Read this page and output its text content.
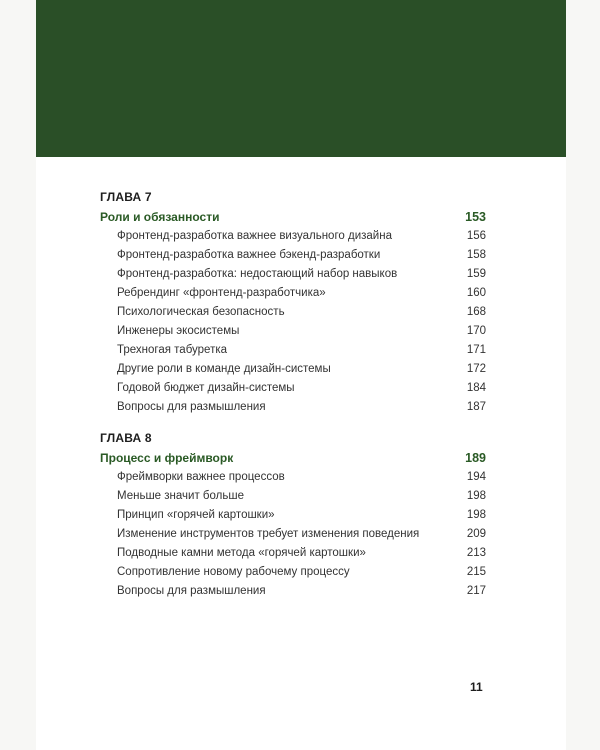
ГЛАВА 7
Роли и обязанности	153
Фронтенд-разработка важнее визуального дизайна	156
Фронтенд-разработка важнее бэкенд-разработки	158
Фронтенд-разработка: недостающий набор навыков	159
Ребрендинг «фронтенд-разработчика»	160
Психологическая безопасность	168
Инженеры экосистемы	170
Трехногая табуретка	171
Другие роли в команде дизайн-системы	172
Годовой бюджет дизайн-системы	184
Вопросы для размышления	187
ГЛАВА 8
Процесс и фреймворк	189
Фреймворки важнее процессов	194
Меньше значит больше	198
Принцип «горячей картошки»	198
Изменение инструментов требует изменения поведения	209
Подводные камни метода «горячей картошки»	213
Сопротивление новому рабочему процессу	215
Вопросы для размышления	217
11
